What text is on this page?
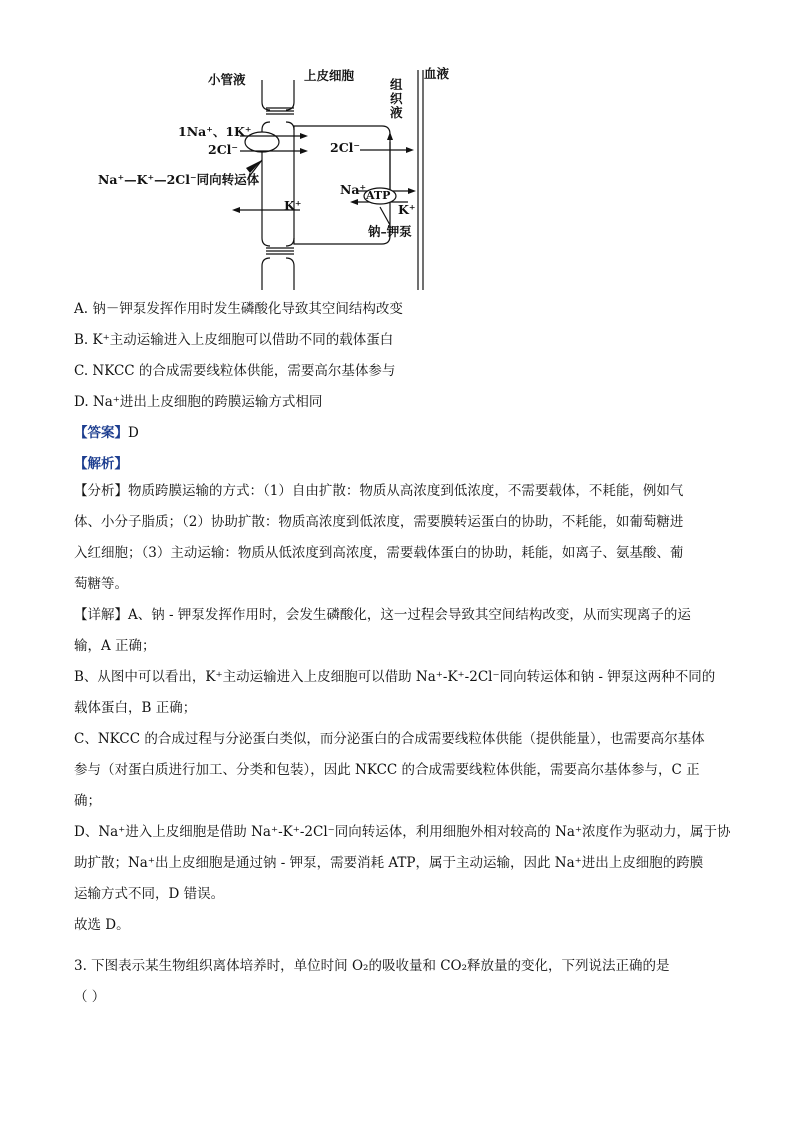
小管液	上皮细胞
组织液
血液
1Na⁺、1K⁺
2Cl⁻
Na⁺—K⁺—2Cl⁻同向转运体
K⁺
2Cl⁻
Na⁺ ATP
K⁺
钠–钾泵
A. 钠－钾泵发挥作用时发生磷酸化导致其空间结构改变
B. K⁺主动运输进入上皮细胞可以借助不同的载体蛋白
C. NKCC 的合成需要线粒体供能，需要高尔基体参与
D. Na⁺进出上皮细胞的跨膜运输方式相同
【答案】D
【解析】
【分析】物质跨膜运输的方式：（1）自由扩散：物质从高浓度到低浓度，不需要载体，不耗能，例如气
体、小分子脂质；（2）协助扩散：物质高浓度到低浓度，需要膜转运蛋白的协助，不耗能，如葡萄糖进
入红细胞；（3）主动运输：物质从低浓度到高浓度，需要载体蛋白的协助，耗能，如离子、氨基酸、葡
萄糖等。
【详解】A、钠 - 钾泵发挥作用时，会发生磷酸化，这一过程会导致其空间结构改变，从而实现离子的运
输，A 正确；
B、从图中可以看出，K⁺主动运输进入上皮细胞可以借助 Na⁺-K⁺-2Cl⁻同向转运体和钠 - 钾泵这两种不同的
载体蛋白，B 正确；
C、NKCC 的合成过程与分泌蛋白类似，而分泌蛋白的合成需要线粒体供能（提供能量），也需要高尔基体
参与（对蛋白质进行加工、分类和包装），因此 NKCC 的合成需要线粒体供能，需要高尔基体参与，C 正
确；
D、Na⁺进入上皮细胞是借助 Na⁺-K⁺-2Cl⁻同向转运体，利用细胞外相对较高的 Na⁺浓度作为驱动力，属于协
助扩散；Na⁺出上皮细胞是通过钠 - 钾泵，需要消耗 ATP，属于主动运输，因此 Na⁺进出上皮细胞的跨膜
运输方式不同，D 错误。
故选 D。
3. 下图表示某生物组织离体培养时，单位时间 O₂的吸收量和 CO₂释放量的变化，下列说法正确的是
（ ）
